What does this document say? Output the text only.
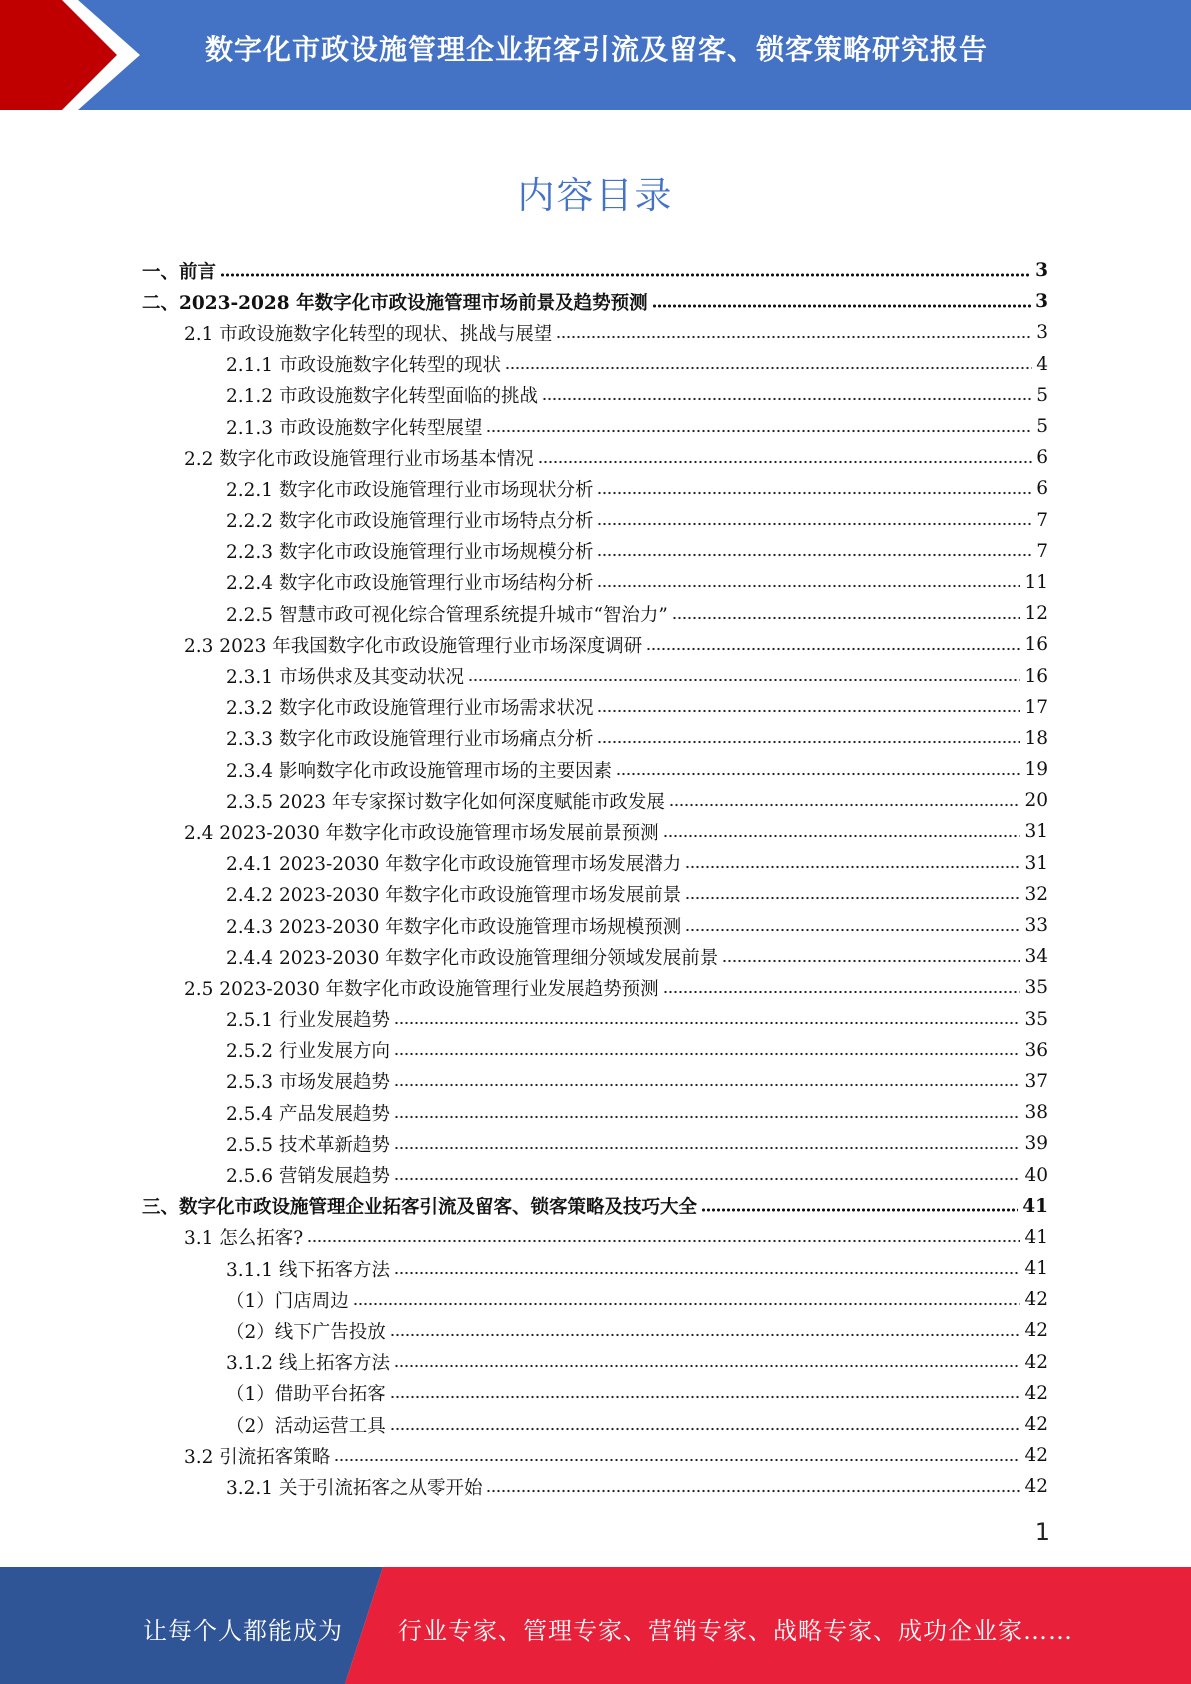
数字化市政设施管理企业拓客引流及留客、锁客策略研究报告
内容目录
一、前言	3
二、2023-2028 年数字化市政设施管理市场前景及趋势预测	3
2.1 市政设施数字化转型的现状、挑战与展望	3
2.1.1 市政设施数字化转型的现状	4
2.1.2 市政设施数字化转型面临的挑战	5
2.1.3 市政设施数字化转型展望	5
2.2 数字化市政设施管理行业市场基本情况	6
2.2.1 数字化市政设施管理行业市场现状分析	6
2.2.2 数字化市政设施管理行业市场特点分析	7
2.2.3 数字化市政设施管理行业市场规模分析	7
2.2.4 数字化市政设施管理行业市场结构分析	11
2.2.5 智慧市政可视化综合管理系统提升城市“智治力”	12
2.3 2023 年我国数字化市政设施管理行业市场深度调研	16
2.3.1 市场供求及其变动状况	16
2.3.2 数字化市政设施管理行业市场需求状况	17
2.3.3 数字化市政设施管理行业市场痛点分析	18
2.3.4 影响数字化市政设施管理市场的主要因素	19
2.3.5 2023 年专家探讨数字化如何深度赋能市政发展	20
2.4 2023-2030 年数字化市政设施管理市场发展前景预测	31
2.4.1 2023-2030 年数字化市政设施管理市场发展潜力	31
2.4.2 2023-2030 年数字化市政设施管理市场发展前景	32
2.4.3 2023-2030 年数字化市政设施管理市场规模预测	33
2.4.4 2023-2030 年数字化市政设施管理细分领域发展前景	34
2.5 2023-2030 年数字化市政设施管理行业发展趋势预测	35
2.5.1 行业发展趋势	35
2.5.2 行业发展方向	36
2.5.3 市场发展趋势	37
2.5.4 产品发展趋势	38
2.5.5 技术革新趋势	39
2.5.6 营销发展趋势	40
三、数字化市政设施管理企业拓客引流及留客、锁客策略及技巧大全	41
3.1 怎么拓客?	41
3.1.1 线下拓客方法	41
（1）门店周边	42
（2）线下广告投放	42
3.1.2 线上拓客方法	42
（1）借助平台拓客	42
（2）活动运营工具	42
3.2 引流拓客策略	42
3.2.1 关于引流拓客之从零开始	42
1
让每个人都能成为 行业专家、管理专家、营销专家、战略专家、成功企业家……
